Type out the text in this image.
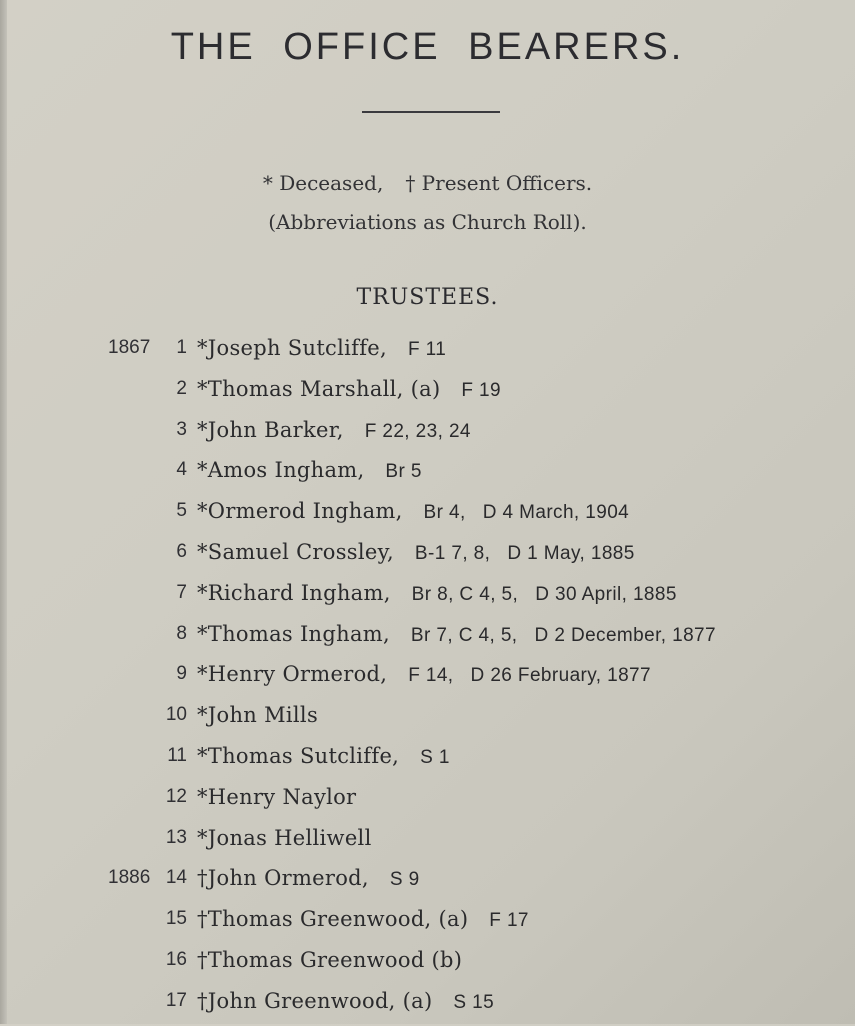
THE OFFICE BEARERS.
* Deceased, † Present Officers.
(Abbreviations as Church Roll).
TRUSTEES.
1867	1 *Joseph Sutcliffe, F 11
2 *Thomas Marshall, (a) F 19
3 *John Barker, F 22, 23, 24
4 *Amos Ingham, Br 5
5 *Ormerod Ingham, Br 4,   D 4 March, 1904
6 *Samuel Crossley, B-1 7, 8,   D 1 May, 1885
7 *Richard Ingham, Br 8, C 4, 5,   D 30 April, 1885
8 *Thomas Ingham, Br 7, C 4, 5,   D 2 December, 1877
9 *Henry Ormerod, F 14,   D 26 February, 1877
10 *John Mills
11 *Thomas Sutcliffe, S 1
12 *Henry Naylor
13 *Jonas Helliwell
1886 14 †John Ormerod, S 9
15 †Thomas Greenwood, (a) F 17
16 †Thomas Greenwood (b)
17 †John Greenwood, (a) S 15
